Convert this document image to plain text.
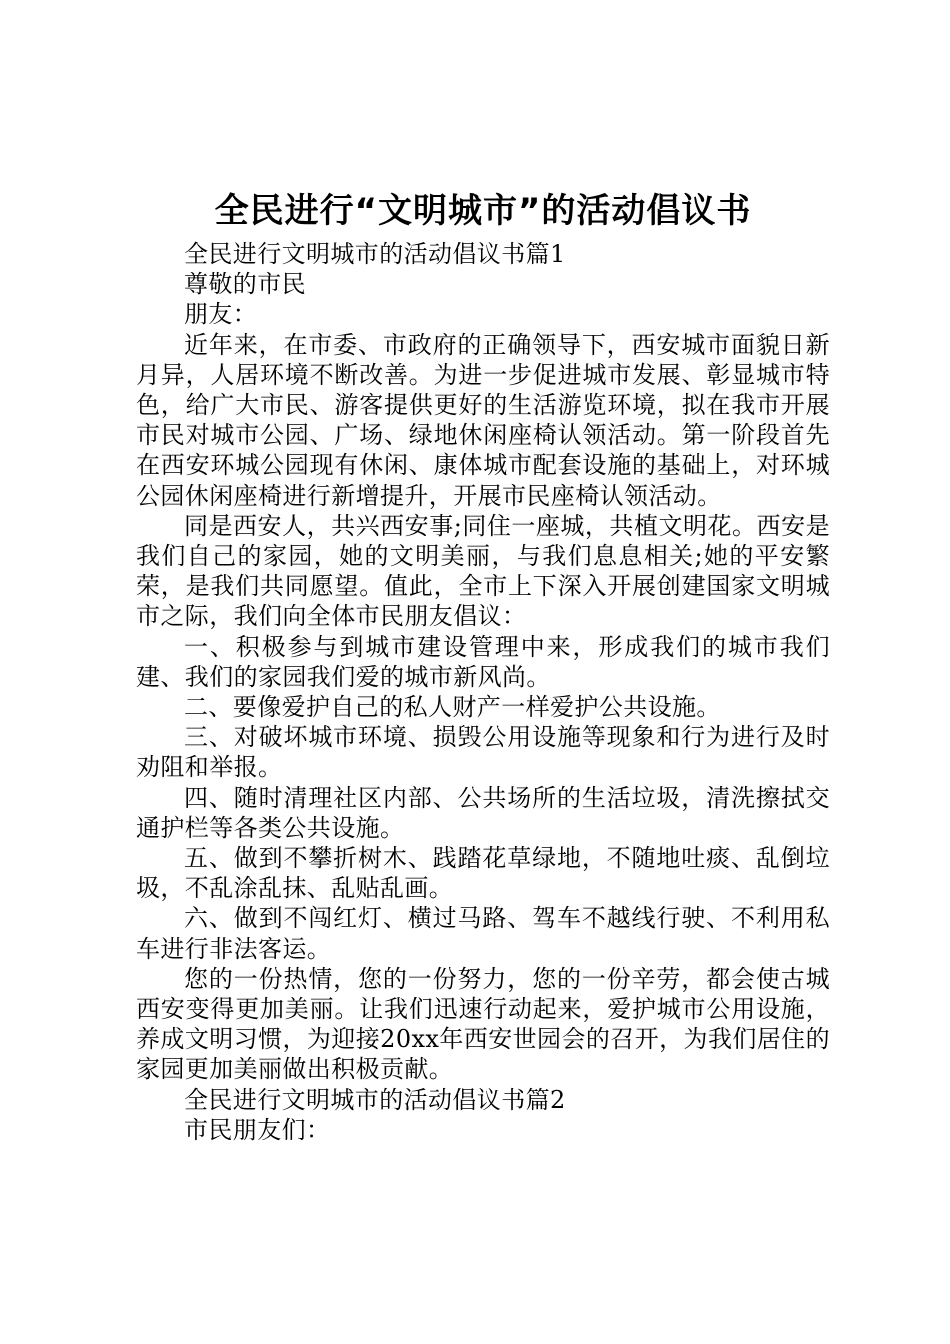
全民进行“文明城市”的活动倡议书

全民进行文明城市的活动倡议书篇1

尊敬的市民

朋友：

近年来，在市委、市政府的正确领导下，西安城市面貌日新月异，人居环境不断改善。为进一步促进城市发展、彰显城市特色，给广大市民、游客提供更好的生活游览环境，拟在我市开展市民对城市公园、广场、绿地休闲座椅认领活动。第一阶段首先在西安环城公园现有休闲、康体城市配套设施的基础上，对环城公园休闲座椅进行新增提升，开展市民座椅认领活动。

同是西安人，共兴西安事;同住一座城，共植文明花。西安是我们自己的家园，她的文明美丽，与我们息息相关;她的平安繁荣，是我们共同愿望。值此，全市上下深入开展创建国家文明城市之际，我们向全体市民朋友倡议：

一、积极参与到城市建设管理中来，形成我们的城市我们建、我们的家园我们爱的城市新风尚。

二、要像爱护自己的私人财产一样爱护公共设施。

三、对破坏城市环境、损毁公用设施等现象和行为进行及时劝阻和举报。

四、随时清理社区内部、公共场所的生活垃圾，清洗擦拭交通护栏等各类公共设施。

五、做到不攀折树木、践踏花草绿地，不随地吐痰、乱倒垃圾，不乱涂乱抹、乱贴乱画。

六、做到不闯红灯、横过马路、驾车不越线行驶、不利用私车进行非法客运。

您的一份热情，您的一份努力，您的一份辛劳，都会使古城西安变得更加美丽。让我们迅速行动起来，爱护城市公用设施，养成文明习惯，为迎接20xx年西安世园会的召开，为我们居住的家园更加美丽做出积极贡献。

全民进行文明城市的活动倡议书篇2

市民朋友们：
